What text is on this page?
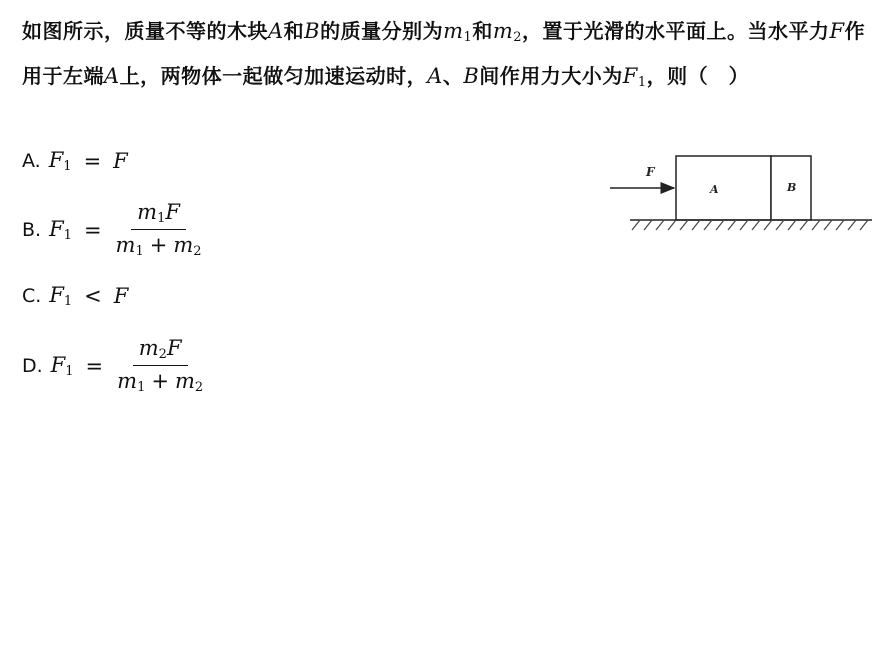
如图所示，质量不等的木块A和B的质量分别为$m_1$和$m_2$，置于光滑的水平面上。当水平力F作用于左端A上，两物体一起做匀加速运动时，A、B间作用力大小为$F_1$，则（　）
A. $F_1 = F$
B. $F_1 = \frac{m_1F}{m_1 + m_2}$
C. $F_1 < F$
D. $F_1 = \frac{m_2F}{m_1 + m_2}$
F
A	B
